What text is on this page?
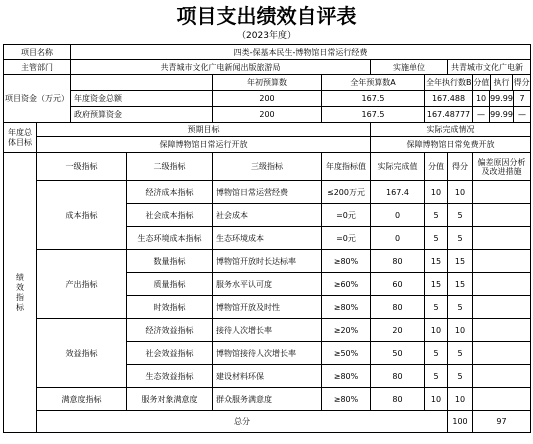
项目支出绩效自评表
（2023年度）
项目名称		四类-保基本民生-博物馆日常运行经费								
主管部门		共青城市文化广电新闻出版旅游局				实施单位		共青城市文化广电新		
项目资金（万元）				年初预算数	全年预算数A		全年执行数B		分值 执行 得分	

		年度资金总额		200	167.5		167.488		10 99.99 7	

		政府预算资金		200	167.5		167.48777		— 99.99 —	

年度总体目标	预期目标					实际完成情况				
	保障博物馆日常运行开放					保障博物馆日常免费开放				
绩效指标	一级指标		二级指标	三级指标	年度指标值	实际完成值	分值	得分	偏差原因分析及改进措施	
	成本指标		经济成本指标	博物馆日常运营经费	≤200万元	167.4	10	10		
			社会成本指标	社会成本	=0元	0	5	5		
			生态环境成本指标	生态环境成本	=0元	0	5	5		
	产出指标		数量指标	博物馆开放时长达标率	≥80%	80	15	15		
			质量指标	服务水平认可度	≥60%	60	15	15		
			时效指标	博物馆开放及时性	≥80%	80	5	5		
	效益指标		经济效益指标	接待人次增长率	≥20%	20	10	10		
			社会效益指标	博物馆接待人次增长率	≥50%	50	5	5		
			生态效益指标	建设材料环保	≥80%	80	5	5		
	满意度指标		服务对象满意度	群众服务满意度	≥80%	80	10	10		
	总分							100	97	
